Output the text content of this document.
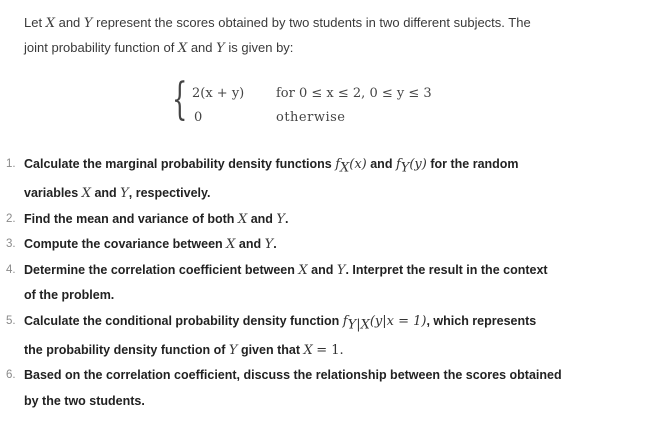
Let X and Y represent the scores obtained by two students in two different subjects. The
joint probability function of X and Y is given by:
{ 2(x + y) for 0 ≤ x ≤ 2, 0 ≤ y ≤ 3
0	otherwise
1. Calculate the marginal probability density functions $f_X(x)$ and $f_Y(y)$ for the random
variables X and Y, respectively.
2. Find the mean and variance of both X and Y.
3. Compute the covariance between X and Y.
4. Determine the correlation coefficient between X and Y. Interpret the result in the context
of the problem.
5. Calculate the conditional probability density function $f_{Y|X}(y|x = 1)$, which represents
the probability density function of Y given that X = 1.
6. Based on the correlation coefficient, discuss the relationship between the scores obtained
by the two students.
